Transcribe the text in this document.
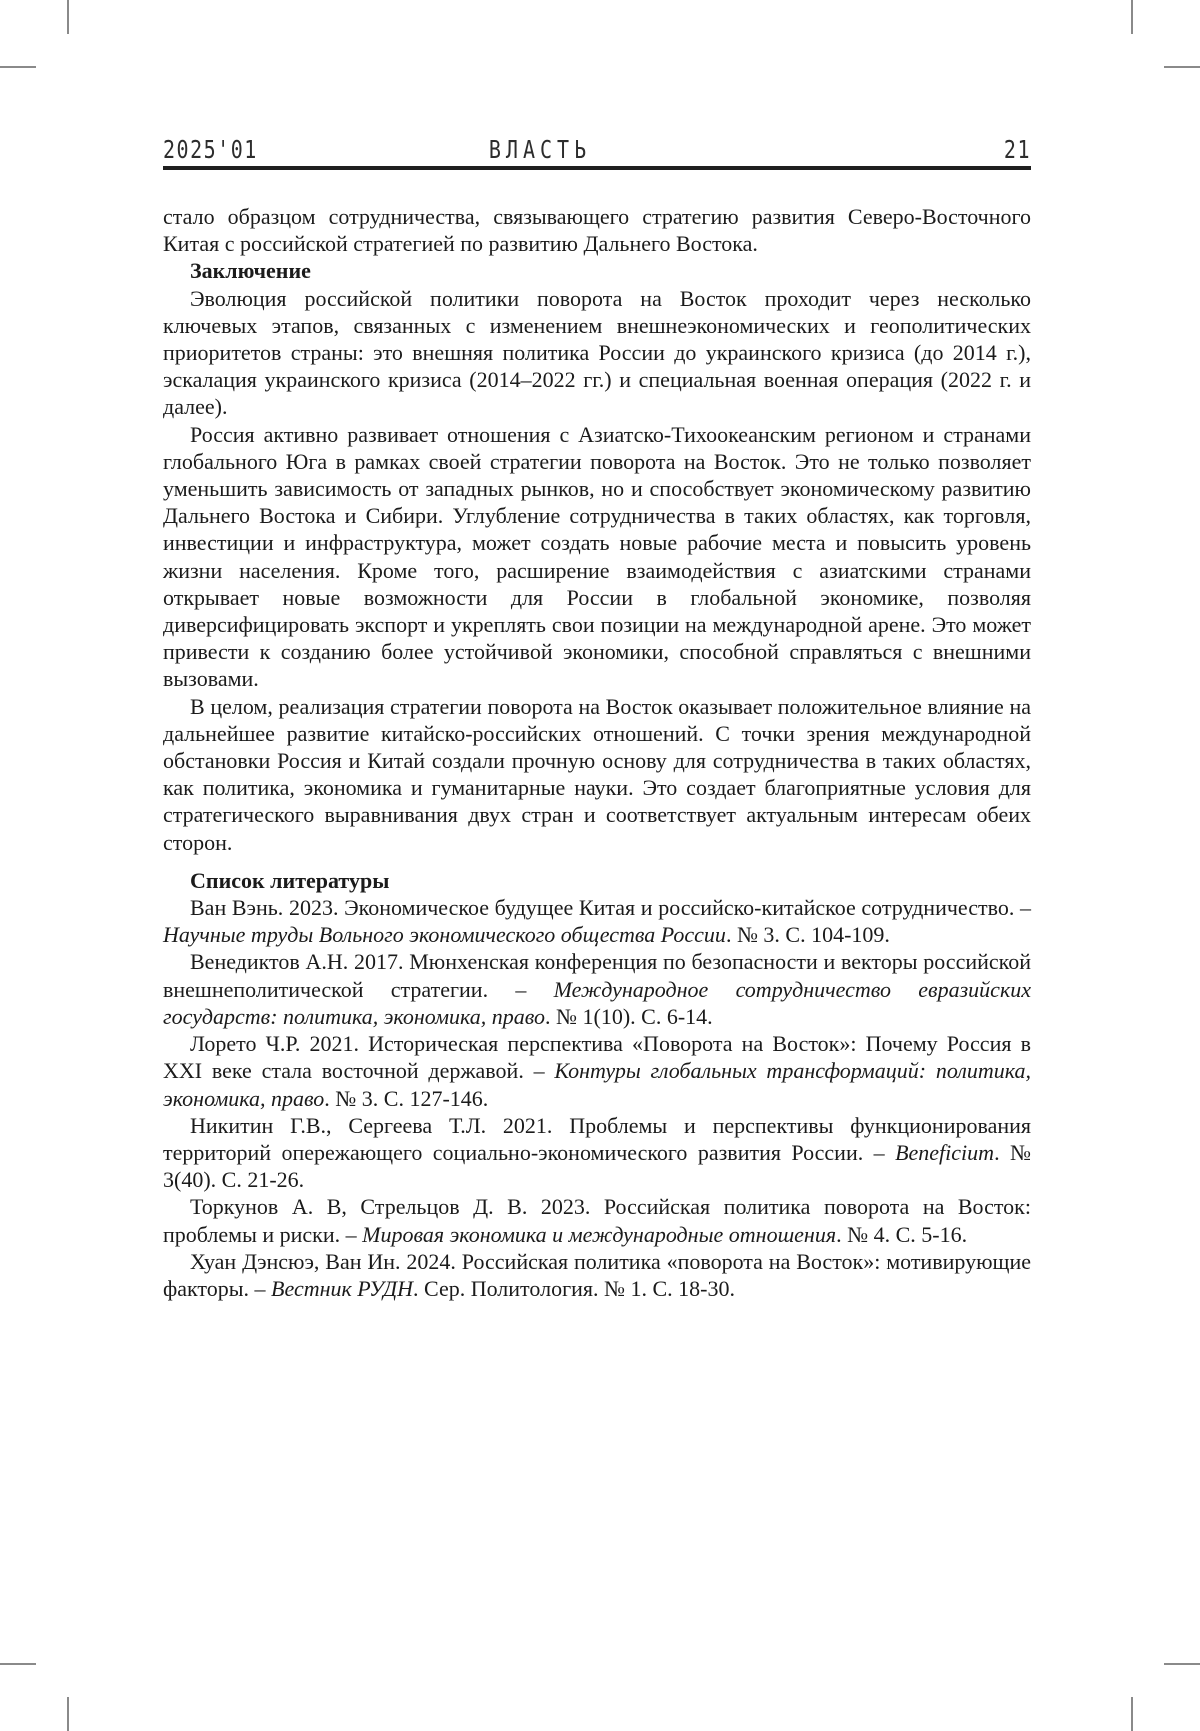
2025'01	ВЛАСТЬ	21

стало образцом сотрудничества, связывающего стратегию развития Северо-Восточного Китая с российской стратегией по развитию Дальнего Востока.

Заключение

Эволюция российской политики поворота на Восток проходит через несколько ключевых этапов, связанных с изменением внешнеэкономических и геополитических приоритетов страны: это внешняя политика России до украинского кризиса (до 2014 г.), эскалация украинского кризиса (2014–2022 гг.) и специальная военная операция (2022 г. и далее).

Россия активно развивает отношения с Азиатско-Тихоокеанским регионом и странами глобального Юга в рамках своей стратегии поворота на Восток. Это не только позволяет уменьшить зависимость от западных рынков, но и способствует экономическому развитию Дальнего Востока и Сибири. Углубление сотрудничества в таких областях, как торговля, инвестиции и инфраструктура, может создать новые рабочие места и повысить уровень жизни населения. Кроме того, расширение взаимодействия с азиатскими странами открывает новые возможности для России в глобальной экономике, позволяя диверсифицировать экспорт и укреплять свои позиции на международной арене. Это может привести к созданию более устойчивой экономики, способной справляться с внешними вызовами.

В целом, реализация стратегии поворота на Восток оказывает положительное влияние на дальнейшее развитие китайско-российских отношений. С точки зрения международной обстановки Россия и Китай создали прочную основу для сотрудничества в таких областях, как политика, экономика и гуманитарные науки. Это создает благоприятные условия для стратегического выравнивания двух стран и соответствует актуальным интересам обеих сторон.

Список литературы

Ван Вэнь. 2023. Экономическое будущее Китая и российско-китайское сотрудничество. – Научные труды Вольного экономического общества России. № 3. С. 104-109.

Венедиктов А.Н. 2017. Мюнхенская конференция по безопасности и векторы российской внешнеполитической стратегии. – Международное сотрудничество евразийских государств: политика, экономика, право. № 1(10). С. 6-14.

Лорето Ч.Р. 2021. Историческая перспектива «Поворота на Восток»: Почему Россия в XXI веке стала восточной державой. – Контуры глобальных трансформаций: политика, экономика, право. № 3. С. 127-146.

Никитин Г.В., Сергеева Т.Л. 2021. Проблемы и перспективы функционирования территорий опережающего социально-экономического развития России. – Beneficium. № 3(40). С. 21-26.

Торкунов А. В, Стрельцов Д. В. 2023. Российская политика поворота на Восток: проблемы и риски. – Мировая экономика и международные отношения. № 4. С. 5-16.

Хуан Дэнсюэ, Ван Ин. 2024. Российская политика «поворота на Восток»: мотивирующие факторы. – Вестник РУДН. Сер. Политология. № 1. С. 18-30.
